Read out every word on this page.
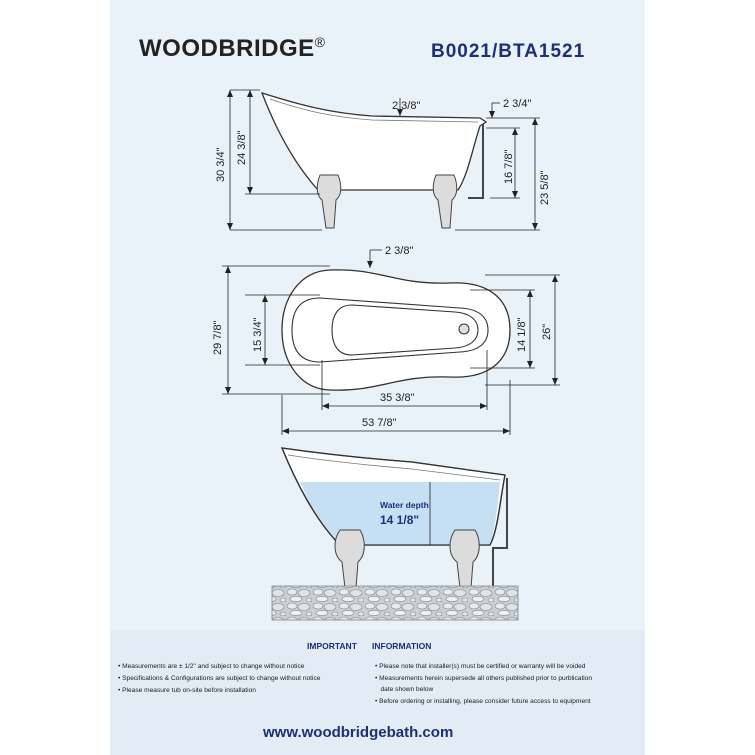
WOODBRIDGE®	B0021/BTA1521
2 3/8"	2 3/4"
30 3/4" 24 3/8"
16 7/8"
23 5/8"
2 3/8"
29 7/8"	15 3/4"	14 1/8" 26"
35 3/8"
53 7/8"
Water depth
14 1/8"
IMPORTANT INFORMATION
• Measurements are ± 1/2" and subject to change without notice
• Specifications & Configurations are subject to change without notice
• Please measure tub on-site before installation
• Please note that installer(s) must be certified or warranty will be voided
• Measurements herein supersede all others published prior to purblication
date shown below
• Before ordering or installing, please consider future access to equipment
www.woodbridgebath.com
